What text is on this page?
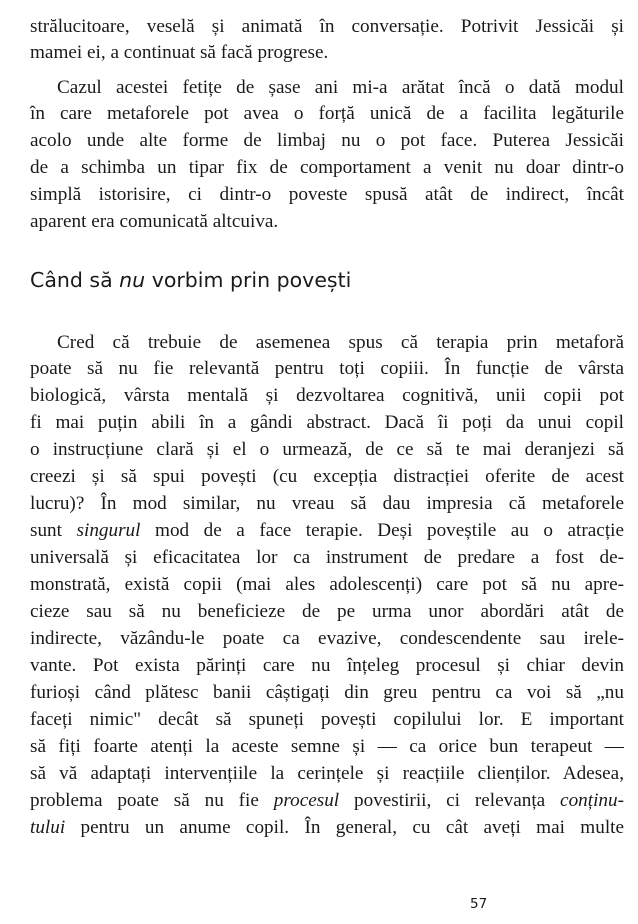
strălucitoare, veselă și animată în conversație. Potrivit Jessicăi și
mamei ei, a continuat să facă progrese.
Cazul acestei fetițe de șase ani mi-a arătat încă o dată modul
în care metaforele pot avea o forță unică de a facilita legăturile
acolo unde alte forme de limbaj nu o pot face. Puterea Jessicăi
de a schimba un tipar fix de comportament a venit nu doar dintr-o
simplă istorisire, ci dintr-o poveste spusă atât de indirect, încât
aparent era comunicată altcuiva.
Când să nu vorbim prin povești
Cred că trebuie de asemenea spus că terapia prin metaforă
poate să nu fie relevantă pentru toți copiii. În funcție de vârsta
biologică, vârsta mentală și dezvoltarea cognitivă, unii copii pot
fi mai puțin abili în a gândi abstract. Dacă îi poți da unui copil
o instrucțiune clară și el o urmează, de ce să te mai deranjezi să
creezi și să spui povești (cu excepția distracției oferite de acest
lucru)? În mod similar, nu vreau să dau impresia că metaforele
sunt singurul mod de a face terapie. Deși poveștile au o atracție
universală și eficacitatea lor ca instrument de predare a fost de-
monstrată, există copii (mai ales adolescenți) care pot să nu apre-
cieze sau să nu beneficieze de pe urma unor abordări atât de
indirecte, văzându-le poate ca evazive, condescendente sau irele-
vante. Pot exista părinți care nu înțeleg procesul și chiar devin
furioși când plătesc banii câștigați din greu pentru ca voi să „nu
faceți nimic" decât să spuneți povești copilului lor. E important
să fiți foarte atenți la aceste semne și — ca orice bun terapeut —
să vă adaptați intervențiile la cerințele și reacțiile clienților. Adesea,
problema poate să nu fie procesul povestirii, ci relevanța conținu-
tului pentru un anume copil. În general, cu cât aveți mai multe
57
